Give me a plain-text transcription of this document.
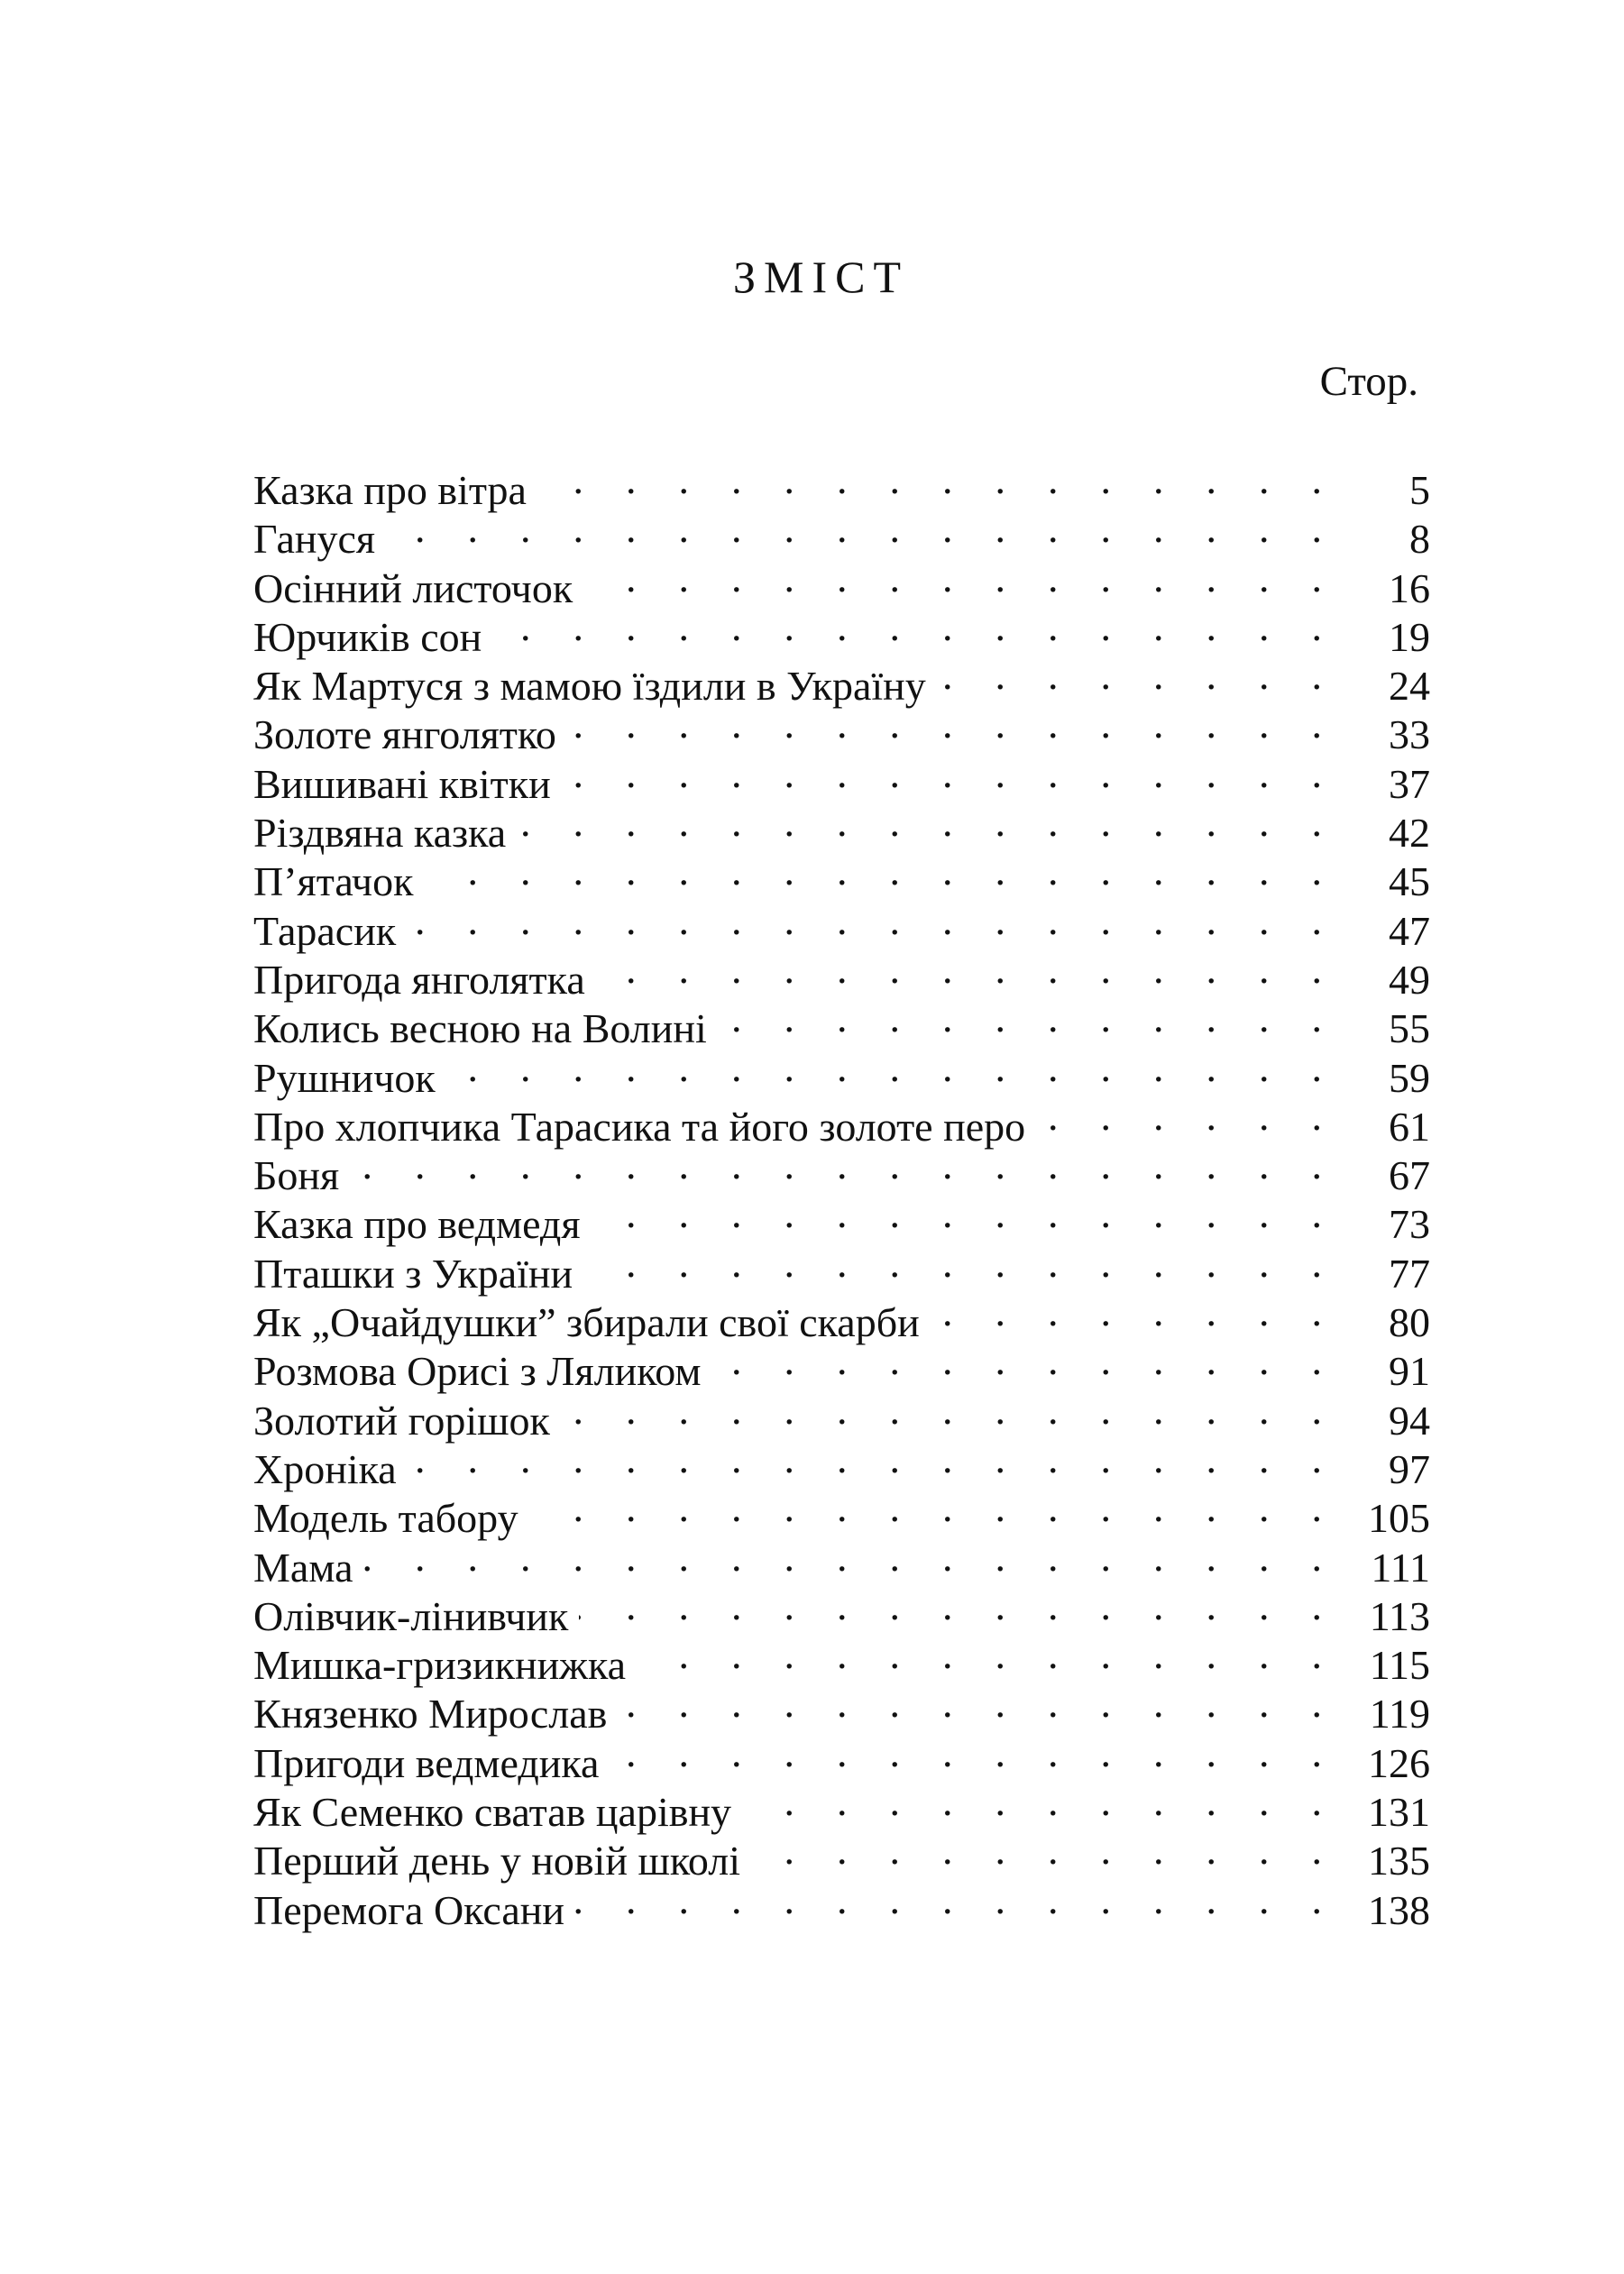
ЗМІСТ
Стор.
Казка про вітра . .	5
Гануся . .	8
Осінний листочок . .	16
Юрчиків сон . .	19
Як Мартуся з мамою їздили в Україну . .	24
Золоте янголятко . .	33
Вишивані квітки . .	37
Різдвяна казка . .	42
П’ятачок . .	45
Тарасик . .	47
Пригода янголятка . .	49
Колись весною на Волині . .	55
Рушничок . .	59
Про хлопчика Тарасика та його золоте перо . .	61
Боня . .	67
Казка про ведмедя . .	73
Пташки з України . .	77
Як „Очайдушки” збирали свої скарби . .	80
Розмова Орисі з Ляликом . .	91
Золотий горішок . .	94
Хроніка . .	97
Модель табору . .	105
Мама . .	111
Олівчик-лінивчик . .	113
Мишка-гризикнижка . .	115
Князенко Мирослав . .	119
Пригоди ведмедика . .	126
Як Семенко сватав царівну . .	131
Перший день у новій школі . .	135
Перемога Оксани . .	138
